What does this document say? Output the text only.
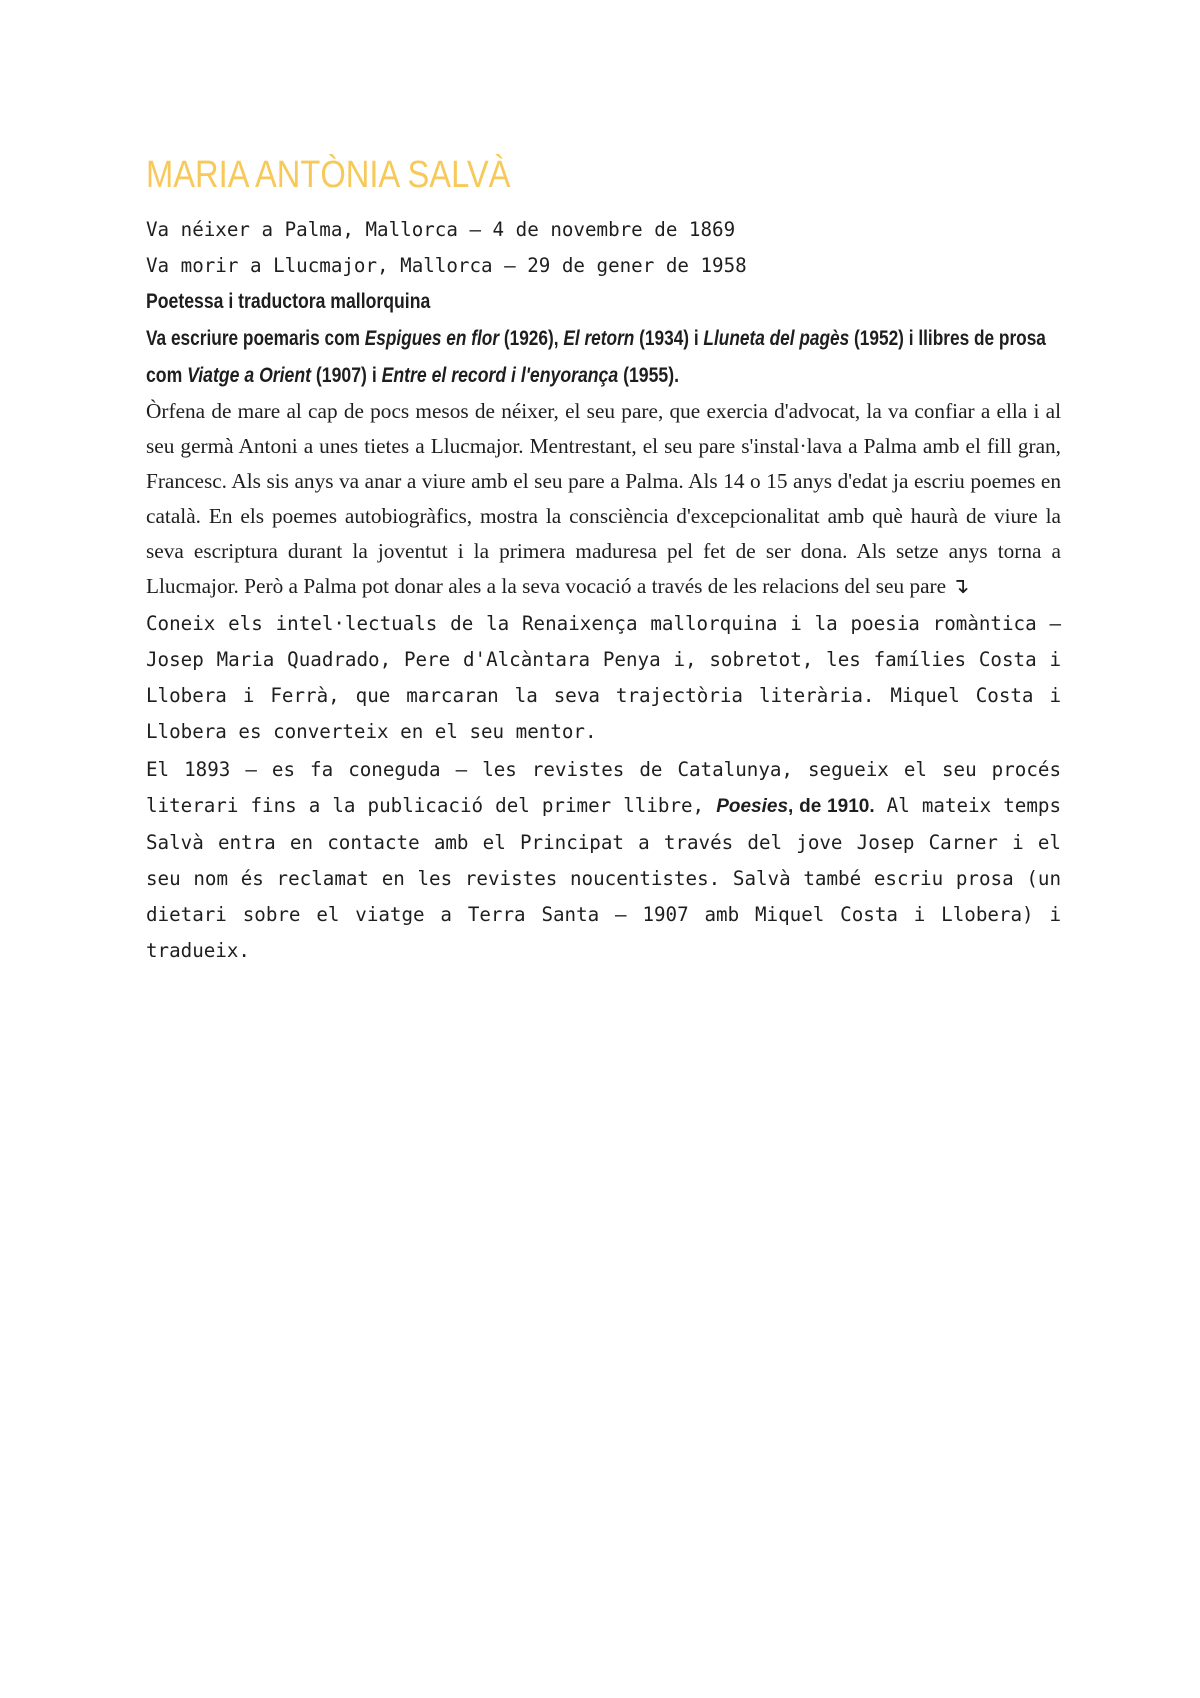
MARIA ANTÒNIA SALVÀ

Va néixer a Palma, Mallorca – 4 de novembre de 1869

Va morir a Llucmajor, Mallorca – 29 de gener de 1958

Poetessa i traductora mallorquina

Va escriure poemaris com Espigues en flor (1926), El retorn (1934) i Lluneta del pagès (1952) i llibres de prosa
com Viatge a Orient (1907) i Entre el record i l'enyorança (1955).

Òrfena de mare al cap de pocs mesos de néixer, el seu pare, que exercia d'advocat, la va confiar a ella i al seu germà Antoni a unes tietes a Llucmajor. Mentrestant, el seu pare s'instal·lava a Palma amb el fill gran, Francesc. Als sis anys va anar a viure amb el seu pare a Palma. Als 14 o 15 anys d'edat ja escriu poemes en català. En els poemes autobiogràfics, mostra la consciència d'excepcionalitat amb què haurà de viure la seva escriptura durant la joventut i la primera maduresa pel fet de ser dona. Als setze anys torna a Llucmajor. Però a Palma pot donar ales a la seva vocació a través de les relacions del seu pare ↴

Coneix els intel·lectuals de la Renaixença mallorquina i la poesia romàntica – Josep Maria Quadrado, Pere d'Alcàntara Penya i, sobretot, les famílies Costa i Llobera i Ferrà, que marcaran la seva trajectòria literària. Miquel Costa i Llobera es converteix en el seu mentor.

El 1893 – es fa coneguda – les revistes de Catalunya, segueix el seu procés literari fins a la publicació del primer llibre, Poesies, de 1910. Al mateix temps Salvà entra en contacte amb el Principat a través del jove Josep Carner i el seu nom és reclamat en les revistes noucentistes. Salvà també escriu prosa (un dietari sobre el viatge a Terra Santa – 1907 amb Miquel Costa i Llobera) i tradueix.
